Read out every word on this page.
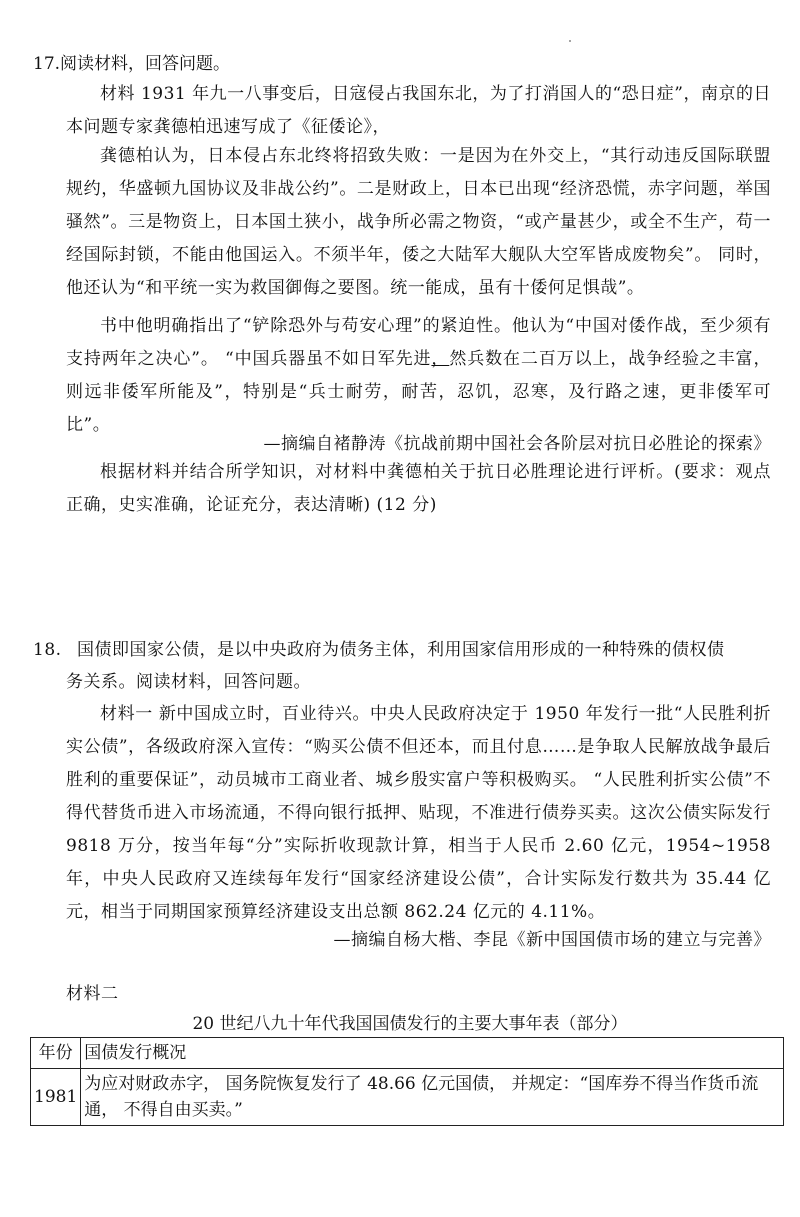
17.阅读材料，回答问题。
材料 1931 年九一八事变后，日寇侵占我国东北，为了打消国人的“恐日症”，南京的日本问题专家龚德柏迅速写成了《征倭论》，
龚德柏认为，日本侵占东北终将招致失败：一是因为在外交上，“其行动违反国际联盟规约，华盛顿九国协议及非战公约”。二是财政上，日本已出现“经济恐慌，赤字问题，举国骚然”。三是物资上，日本国土狭小，战争所必需之物资，“或产量甚少，或全不生产，苟一经国际封锁，不能由他国运入。不须半年，倭之大陆军大舰队大空军皆成废物矣”。 同时，他还认为“和平统一实为救国御侮之要图。统一能成，虽有十倭何足惧哉”。
书中他明确指出了“铲除恐外与苟安心理”的紧迫性。他认为“中国对倭作战，至少须有支持两年之决心”。 “中国兵器虽不如日军先进，然兵数在二百万以上，战争经验之丰富，则远非倭军所能及”，特别是“兵士耐劳，耐苦，忍饥，忍寒，及行路之速，更非倭军可比”。
—摘编自褚静涛《抗战前期中国社会各阶层对抗日必胜论的探索》
根据材料并结合所学知识，对材料中龚德柏关于抗日必胜理论进行评析。(要求：观点正确，史实准确，论证充分，表达清晰) (12 分)
18. 国债即国家公债，是以中央政府为债务主体，利用国家信用形成的一种特殊的债权债
务关系。阅读材料，回答问题。
材料一 新中国成立时，百业待兴。中央人民政府决定于 1950 年发行一批“人民胜利折实公债”，各级政府深入宣传：“购买公债不但还本，而且付息……是争取人民解放战争最后胜利的重要保证”，动员城市工商业者、城乡殷实富户等积极购买。 “人民胜利折实公债”不得代替货币进入市场流通，不得向银行抵押、贴现，不准进行债券买卖。这次公债实际发行 9818 万分，按当年每“分”实际折收现款计算，相当于人民币 2.60 亿元，1954~1958 年，中央人民政府又连续每年发行“国家经济建设公债”，合计实际发行数共为 35.44 亿元，相当于同期国家预算经济建设支出总额 862.24 亿元的 4.11%。
—摘编自杨大楷、李昆《新中国国债市场的建立与完善》
材料二
20 世纪八九十年代我国国债发行的主要大事年表（部分）
年份	国债发行概况
1981	为应对财政赤字， 国务院恢复发行了 48.66 亿元国债， 并规定：“国库券不得当作货币流通， 不得自由买卖。”
